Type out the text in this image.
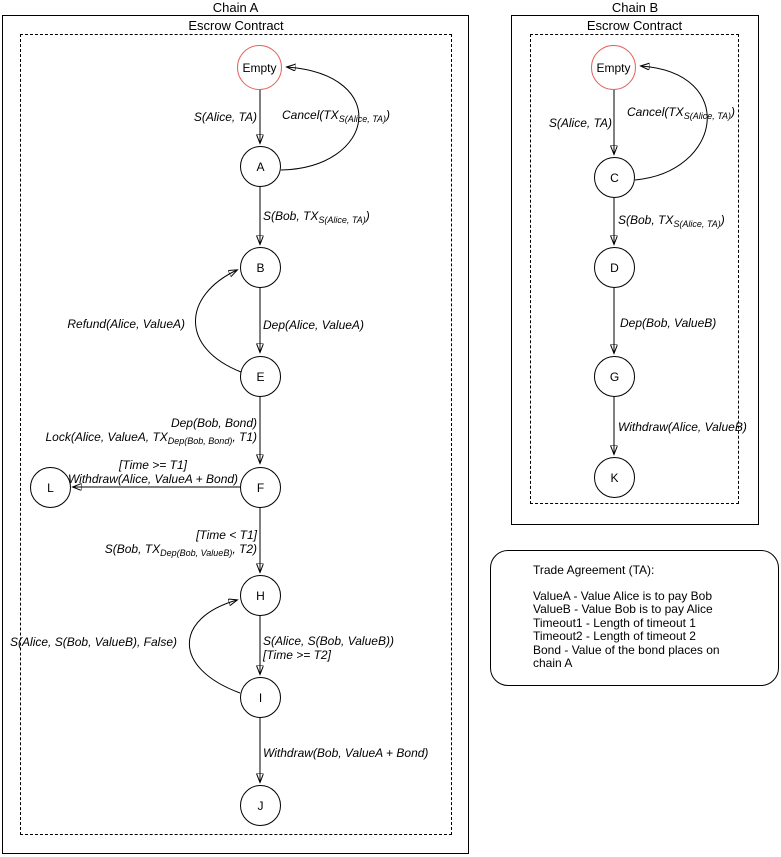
Chain A
Escrow Contract
Chain B
Escrow Contract
Empty
A
B
E
F
L
H
I
J
Empty
C
D
G
K
S(Alice, TA) $Cancel(TX_{S(Alice, TA)})$
S(Bob, $TX_{S(Alice, TA)}$)
Refund(Alice, ValueA)	Dep(Alice, ValueA)
Dep(Bob, Bond)
Lock(Alice, ValueA, $TX_{Dep(Bob, Bond)}$, T1)
[Time >= T1]
Withdraw(Alice, ValueA + Bond)
[Time < T1]
S(Bob, $TX_{Dep(Bob, ValueB)}$, T2)
S(Alice, S(Bob, ValueB))
[Time >= T2]
S(Alice, S(Bob, ValueB), False)
Withdraw(Bob, ValueA + Bond)
S(Alice, TA)
$Cancel(TX_{S(Alice, TA)})$
S(Bob, $TX_{S(Alice, TA)}$)
Dep(Bob, ValueB)
Withdraw(Alice, ValueB)
Trade Agreement (TA):
ValueA - Value Alice is to pay Bob
ValueB - Value Bob is to pay Alice
Timeout1 - Length of timeout 1
Timeout2 - Length of timeout 2
Bond - Value of the bond places on
chain A
